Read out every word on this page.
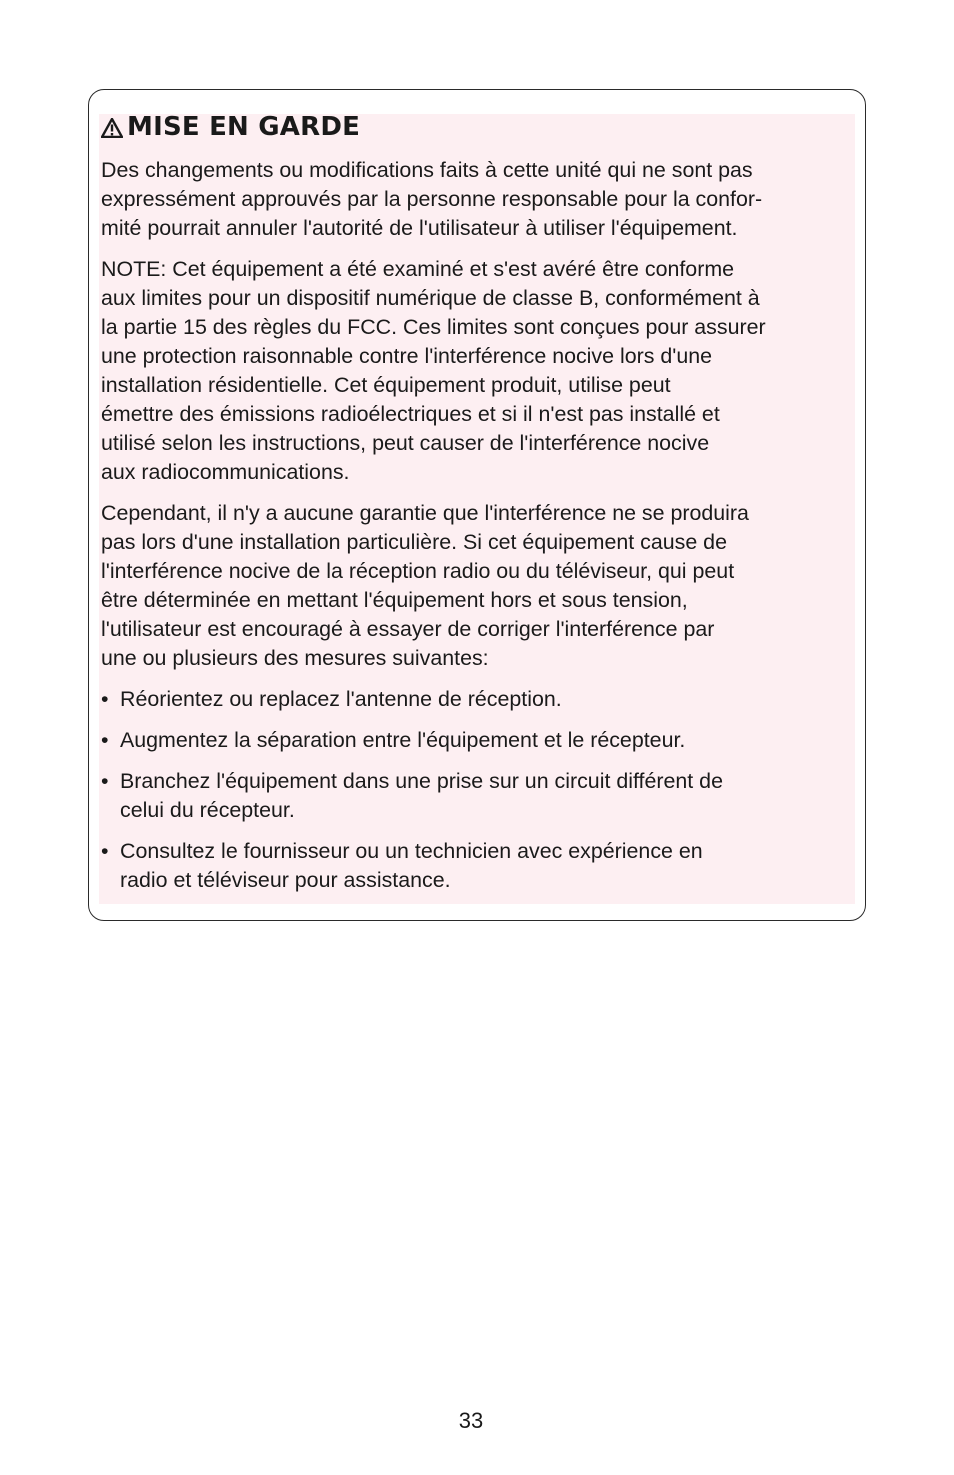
MISE EN GARDE

Des changements ou modifications faits à cette unité qui ne sont pas
expressément approuvés par la personne responsable pour la confor-
mité pourrait annuler l'autorité de l'utilisateur à utiliser l'équipement.

NOTE: Cet équipement a été examiné et s'est avéré être conforme
aux limites pour un dispositif numérique de classe B, conformément à
la partie 15 des règles du FCC. Ces limites sont conçues pour assurer
une protection raisonnable contre l'interférence nocive lors d'une
installation résidentielle. Cet équipement produit, utilise peut
émettre des émissions radioélectriques et si il n'est pas installé et
utilisé selon les instructions, peut causer de l'interférence nocive
aux radiocommunications.

Cependant, il n'y a aucune garantie que l'interférence ne se produira
pas lors d'une installation particulière. Si cet équipement cause de
l'interférence nocive de la réception radio ou du téléviseur, qui peut
être déterminée en mettant l'équipement hors et sous tension,
l'utilisateur est encouragé à essayer de corriger l'interférence par
une ou plusieurs des mesures suivantes:

• Réorientez ou replacez l'antenne de réception.
• Augmentez la séparation entre l'équipement et le récepteur.
• Branchez l'équipement dans une prise sur un circuit différent de
celui du récepteur.
• Consultez le fournisseur ou un technicien avec expérience en
radio et téléviseur pour assistance.
33
